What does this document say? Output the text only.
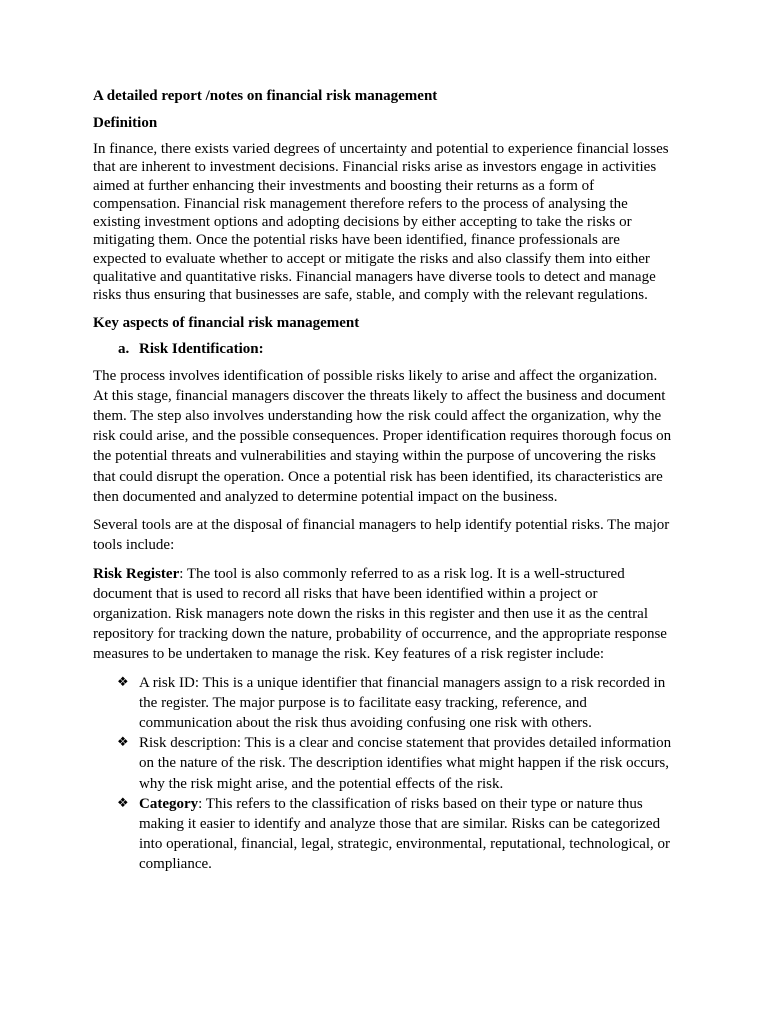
A detailed report /notes on financial risk management

Definition

In finance, there exists varied degrees of uncertainty and potential to experience financial losses that are inherent to investment decisions. Financial risks arise as investors engage in activities aimed at further enhancing their investments and boosting their returns as a form of compensation. Financial risk management therefore refers to the process of analysing the existing investment options and adopting decisions by either accepting to take the risks or mitigating them. Once the potential risks have been identified, finance professionals are expected to evaluate whether to accept or mitigate the risks and also classify them into either qualitative and quantitative risks. Financial managers have diverse tools to detect and manage risks thus ensuring that businesses are safe, stable, and comply with the relevant regulations.

Key aspects of financial risk management

a. Risk Identification:

The process involves identification of possible risks likely to arise and affect the organization. At this stage, financial managers discover the threats likely to affect the business and document them. The step also involves understanding how the risk could affect the organization, why the risk could arise, and the possible consequences. Proper identification requires thorough focus on the potential threats and vulnerabilities and staying within the purpose of uncovering the risks that could disrupt the operation. Once a potential risk has been identified, its characteristics are then documented and analyzed to determine potential impact on the business.

Several tools are at the disposal of financial managers to help identify potential risks. The major tools include:

Risk Register: The tool is also commonly referred to as a risk log. It is a well-structured document that is used to record all risks that have been identified within a project or organization. Risk managers note down the risks in this register and then use it as the central repository for tracking down the nature, probability of occurrence, and the appropriate response measures to be undertaken to manage the risk. Key features of a risk register include:

❖ A risk ID: This is a unique identifier that financial managers assign to a risk recorded in the register. The major purpose is to facilitate easy tracking, reference, and communication about the risk thus avoiding confusing one risk with others.
❖ Risk description: This is a clear and concise statement that provides detailed information on the nature of the risk. The description identifies what might happen if the risk occurs, why the risk might arise, and the potential effects of the risk.
❖ Category: This refers to the classification of risks based on their type or nature thus making it easier to identify and analyze those that are similar. Risks can be categorized into operational, financial, legal, strategic, environmental, reputational, technological, or compliance.
